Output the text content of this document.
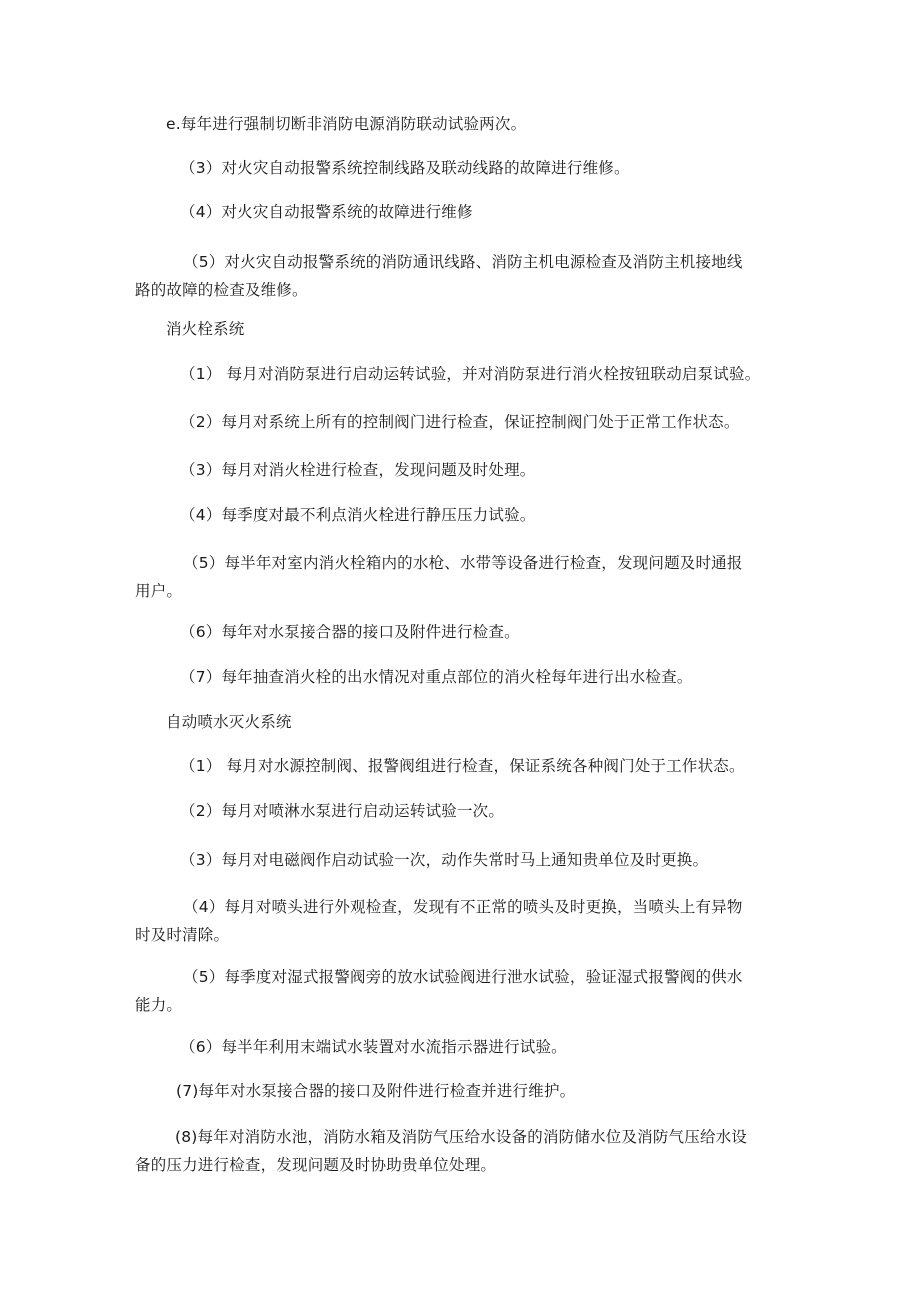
e.每年进行强制切断非消防电源消防联动试验两次。
（3）对火灾自动报警系统控制线路及联动线路的故障进行维修。
（4）对火灾自动报警系统的故障进行维修
（5）对火灾自动报警系统的消防通讯线路、消防主机电源检查及消防主机接地线
路的故障的检查及维修。
消火栓系统
（1） 每月对消防泵进行启动运转试验，并对消防泵进行消火栓按钮联动启泵试验。
（2）每月对系统上所有的控制阀门进行检查，保证控制阀门处于正常工作状态。
（3）每月对消火栓进行检查，发现问题及时处理。
（4）每季度对最不利点消火栓进行静压压力试验。
（5）每半年对室内消火栓箱内的水枪、水带等设备进行检查，发现问题及时通报
用户。
（6）每年对水泵接合器的接口及附件进行检查。
（7）每年抽查消火栓的出水情况对重点部位的消火栓每年进行出水检查。
自动喷水灭火系统
（1） 每月对水源控制阀、报警阀组进行检查，保证系统各种阀门处于工作状态。
（2）每月对喷淋水泵进行启动运转试验一次。
（3）每月对电磁阀作启动试验一次，动作失常时马上通知贵单位及时更换。
（4）每月对喷头进行外观检查，发现有不正常的喷头及时更换，当喷头上有异物
时及时清除。
（5）每季度对湿式报警阀旁的放水试验阀进行泄水试验，验证湿式报警阀的供水
能力。
（6）每半年利用末端试水装置对水流指示器进行试验。
(7)每年对水泵接合器的接口及附件进行检查并进行维护。
(8)每年对消防水池，消防水箱及消防气压给水设备的消防储水位及消防气压给水设
备的压力进行检查，发现问题及时协助贵单位处理。
